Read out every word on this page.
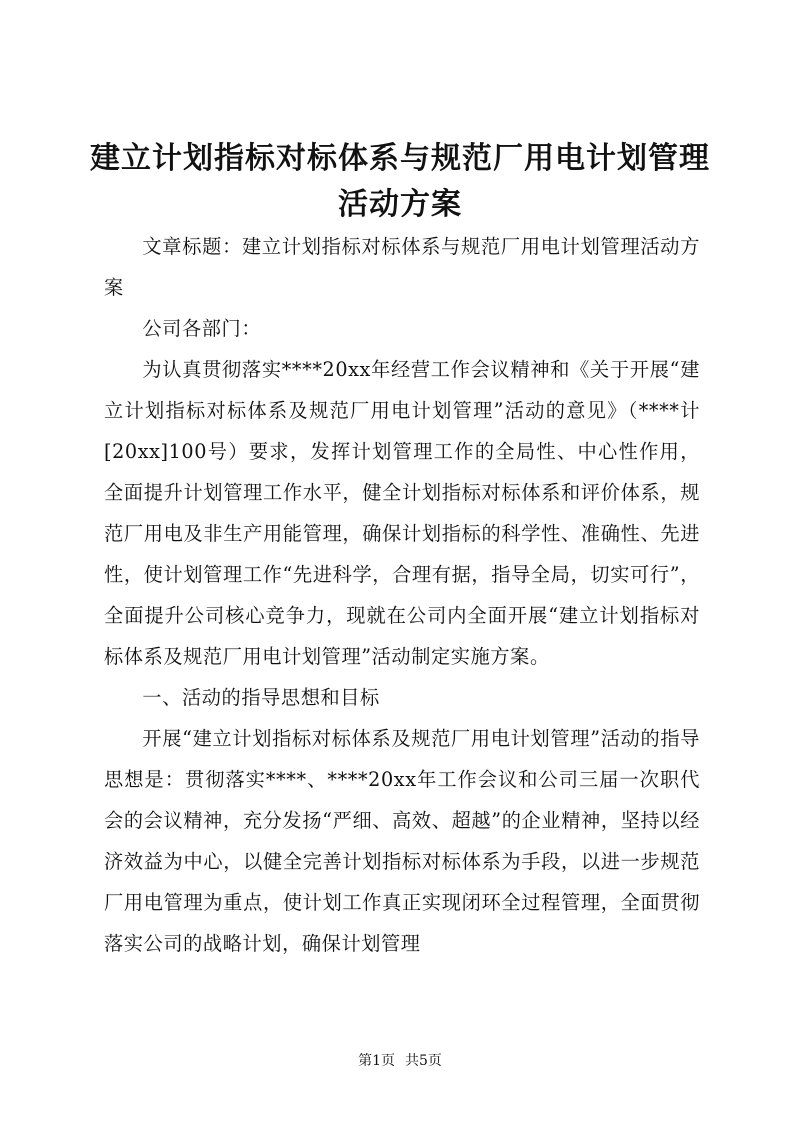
建立计划指标对标体系与规范厂用电计划管理
活动方案

文章标题：建立计划指标对标体系与规范厂用电计划管理活动方案

公司各部门：

为认真贯彻落实****20xx年经营工作会议精神和《关于开展“建立计划指标对标体系及规范厂用电计划管理”活动的意见》（****计[20xx]100号）要求，发挥计划管理工作的全局性、中心性作用，全面提升计划管理工作水平，健全计划指标对标体系和评价体系，规范厂用电及非生产用能管理，确保计划指标的科学性、准确性、先进性，使计划管理工作“先进科学，合理有据，指导全局，切实可行”，全面提升公司核心竞争力，现就在公司内全面开展“建立计划指标对标体系及规范厂用电计划管理”活动制定实施方案。

一、活动的指导思想和目标

开展“建立计划指标对标体系及规范厂用电计划管理”活动的指导思想是：贯彻落实****、****20xx年工作会议和公司三届一次职代会的会议精神，充分发扬“严细、高效、超越”的企业精神，坚持以经济效益为中心，以健全完善计划指标对标体系为手段，以进一步规范厂用电管理为重点，使计划工作真正实现闭环全过程管理，全面贯彻落实公司的战略计划，确保计划管理

第1页 共5页
